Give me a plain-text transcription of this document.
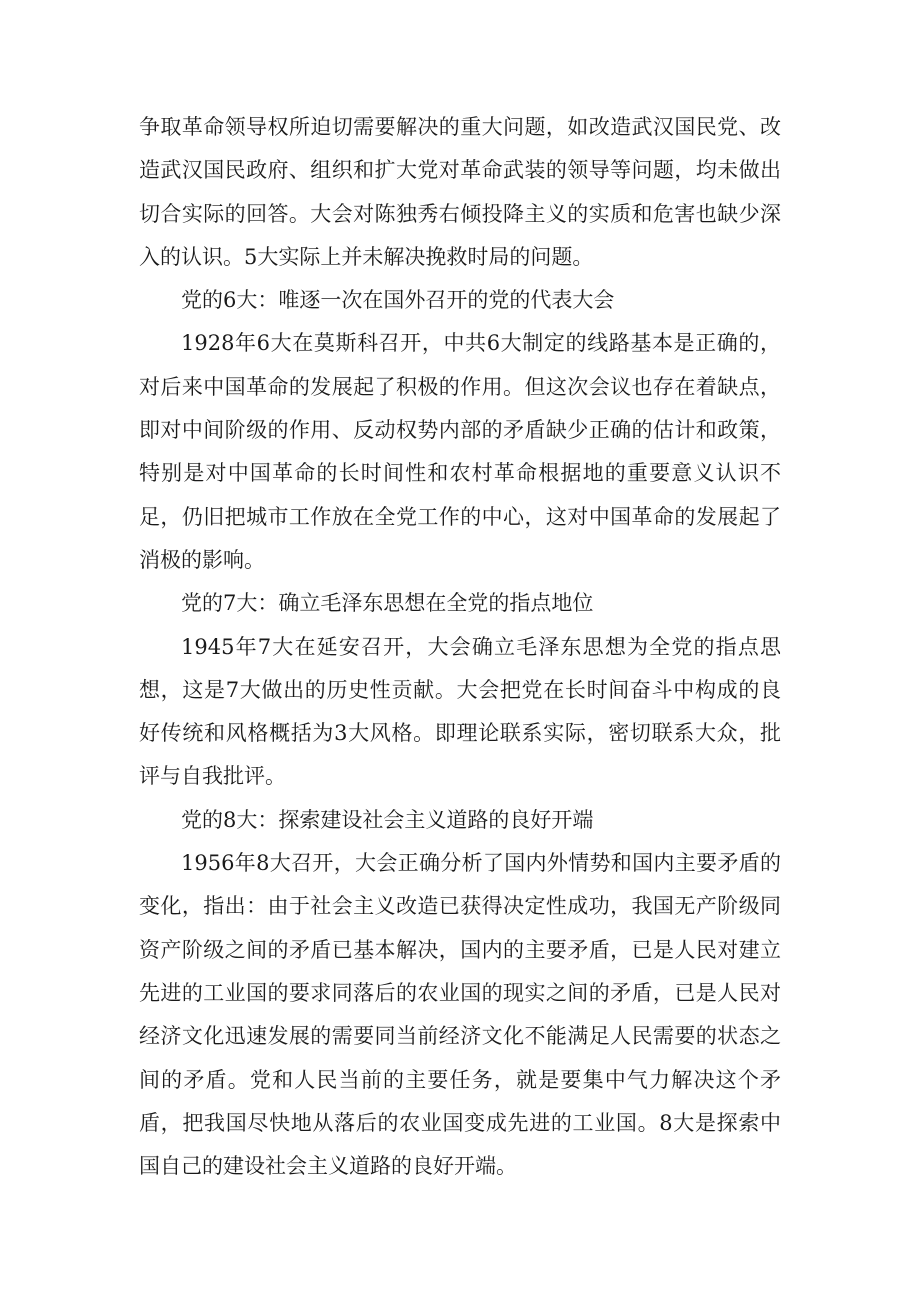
争取革命领导权所迫切需要解决的重大问题，如改造武汉国民党、改造武汉国民政府、组织和扩大党对革命武装的领导等问题，均未做出切合实际的回答。大会对陈独秀右倾投降主义的实质和危害也缺少深入的认识。5大实际上并未解决挽救时局的问题。

党的6大：唯逐一次在国外召开的党的代表大会

1928年6大在莫斯科召开，中共6大制定的线路基本是正确的，对后来中国革命的发展起了积极的作用。但这次会议也存在着缺点，即对中间阶级的作用、反动权势内部的矛盾缺少正确的估计和政策，特别是对中国革命的长时间性和农村革命根据地的重要意义认识不足，仍旧把城市工作放在全党工作的中心，这对中国革命的发展起了消极的影响。

党的7大：确立毛泽东思想在全党的指点地位

1945年7大在延安召开，大会确立毛泽东思想为全党的指点思想，这是7大做出的历史性贡献。大会把党在长时间奋斗中构成的良好传统和风格概括为3大风格。即理论联系实际，密切联系大众，批评与自我批评。

党的8大：探索建设社会主义道路的良好开端

1956年8大召开，大会正确分析了国内外情势和国内主要矛盾的变化，指出：由于社会主义改造已获得决定性成功，我国无产阶级同资产阶级之间的矛盾已基本解决，国内的主要矛盾，已是人民对建立先进的工业国的要求同落后的农业国的现实之间的矛盾，已是人民对经济文化迅速发展的需要同当前经济文化不能满足人民需要的状态之间的矛盾。党和人民当前的主要任务，就是要集中气力解决这个矛盾，把我国尽快地从落后的农业国变成先进的工业国。8大是探索中国自己的建设社会主义道路的良好开端。
